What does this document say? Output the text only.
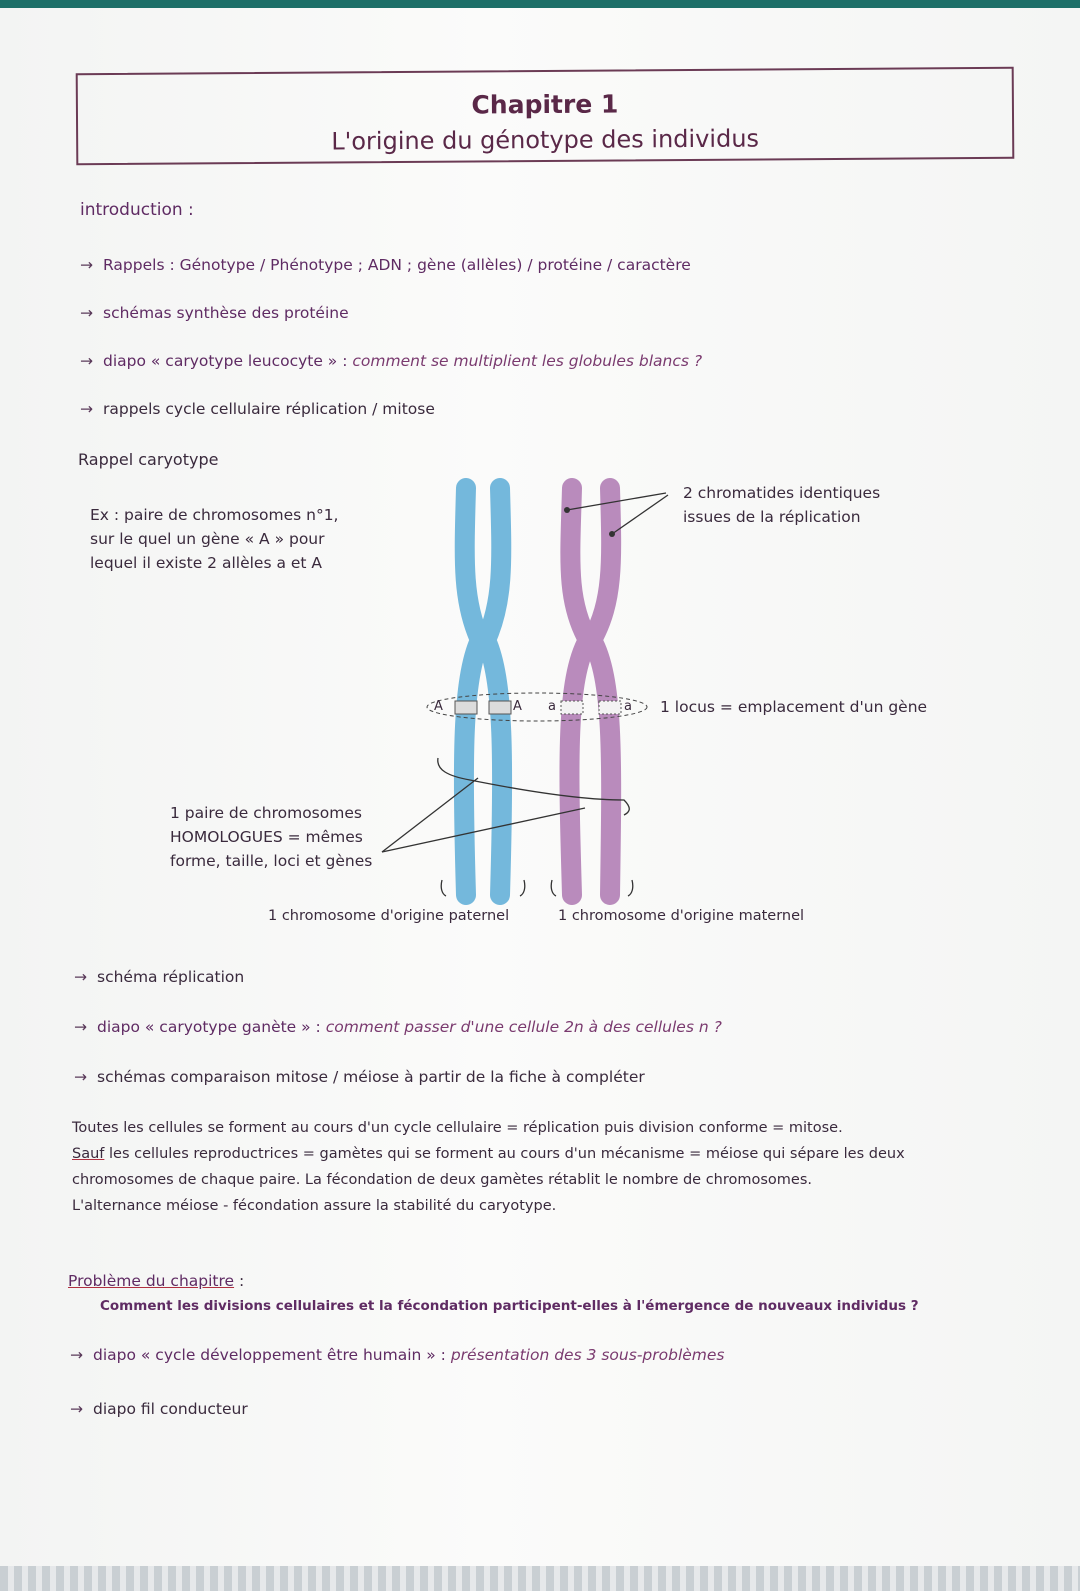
Chapitre 1
L'origine du génotype des individus
introduction :
→ Rappels : Génotype / Phénotype ; ADN ; gène (allèles) / protéine / caractère
→ schémas synthèse des protéine
→ diapo « caryotype leucocyte » : comment se multiplient les globules blancs ?
→ rappels cycle cellulaire réplication / mitose
Rappel caryotype
Ex : paire de chromosomes n°1,
sur le quel un gène « A » pour
lequel il existe 2 allèles a et A
A	A a	a
2 chromatides identiques
issues de la réplication
1 locus = emplacement d'un gène
1 paire de chromosomes
HOMOLOGUES = mêmes
forme, taille, loci et gènes
1 chromosome d'origine paternel	1 chromosome d'origine maternel
→ schéma réplication
→ diapo « caryotype ganète » : comment passer d'une cellule 2n à des cellules n ?
→ schémas comparaison mitose / méiose à partir de la fiche à compléter
Toutes les cellules se forment au cours d'un cycle cellulaire = réplication puis division conforme = mitose.
Sauf les cellules reproductrices = gamètes qui se forment au cours d'un mécanisme = méiose qui sépare les deux
chromosomes de chaque paire. La fécondation de deux gamètes rétablit le nombre de chromosomes.
L'alternance méiose - fécondation assure la stabilité du caryotype.
Problème du chapitre :
Comment les divisions cellulaires et la fécondation participent-elles à l'émergence de nouveaux individus ?
→ diapo « cycle développement être humain » : présentation des 3 sous-problèmes
→ diapo fil conducteur
